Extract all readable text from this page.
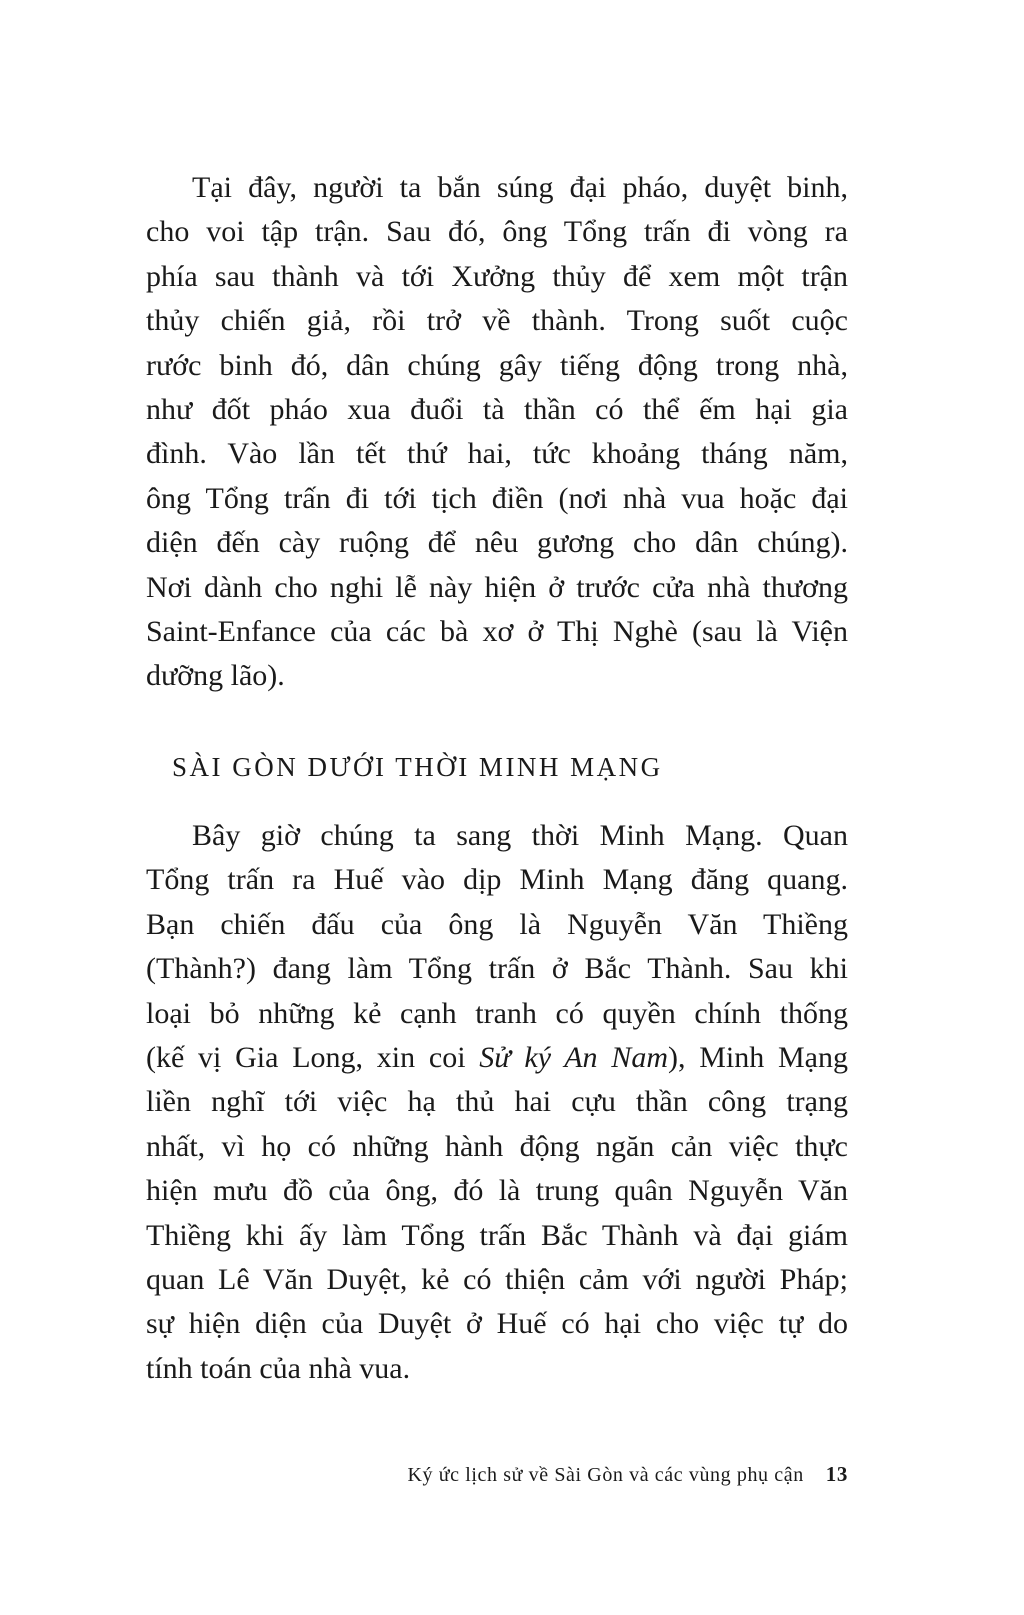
Tại đây, người ta bắn súng đại pháo, duyệt binh,
cho voi tập trận. Sau đó, ông Tổng trấn đi vòng ra
phía sau thành và tới Xưởng thủy để xem một trận
thủy chiến giả, rồi trở về thành. Trong suốt cuộc
rước binh đó, dân chúng gây tiếng động trong nhà,
như đốt pháo xua đuổi tà thần có thể ếm hại gia
đình. Vào lần tết thứ hai, tức khoảng tháng năm,
ông Tổng trấn đi tới tịch điền (nơi nhà vua hoặc đại
diện đến cày ruộng để nêu gương cho dân chúng).
Nơi dành cho nghi lễ này hiện ở trước cửa nhà thương
Saint-Enfance của các bà xơ ở Thị Nghè (sau là Viện
dưỡng lão).
SÀI GÒN DƯỚI THỜI MINH MẠNG
Bây giờ chúng ta sang thời Minh Mạng. Quan
Tổng trấn ra Huế vào dịp Minh Mạng đăng quang.
Bạn chiến đấu của ông là Nguyễn Văn Thiềng
(Thành?) đang làm Tổng trấn ở Bắc Thành. Sau khi
loại bỏ những kẻ cạnh tranh có quyền chính thống
(kế vị Gia Long, xin coi Sử ký An Nam), Minh Mạng
liền nghĩ tới việc hạ thủ hai cựu thần công trạng
nhất, vì họ có những hành động ngăn cản việc thực
hiện mưu đồ của ông, đó là trung quân Nguyễn Văn
Thiềng khi ấy làm Tổng trấn Bắc Thành và đại giám
quan Lê Văn Duyệt, kẻ có thiện cảm với người Pháp;
sự hiện diện của Duyệt ở Huế có hại cho việc tự do
tính toán của nhà vua.
Ký ức lịch sử về Sài Gòn và các vùng phụ cận 13
